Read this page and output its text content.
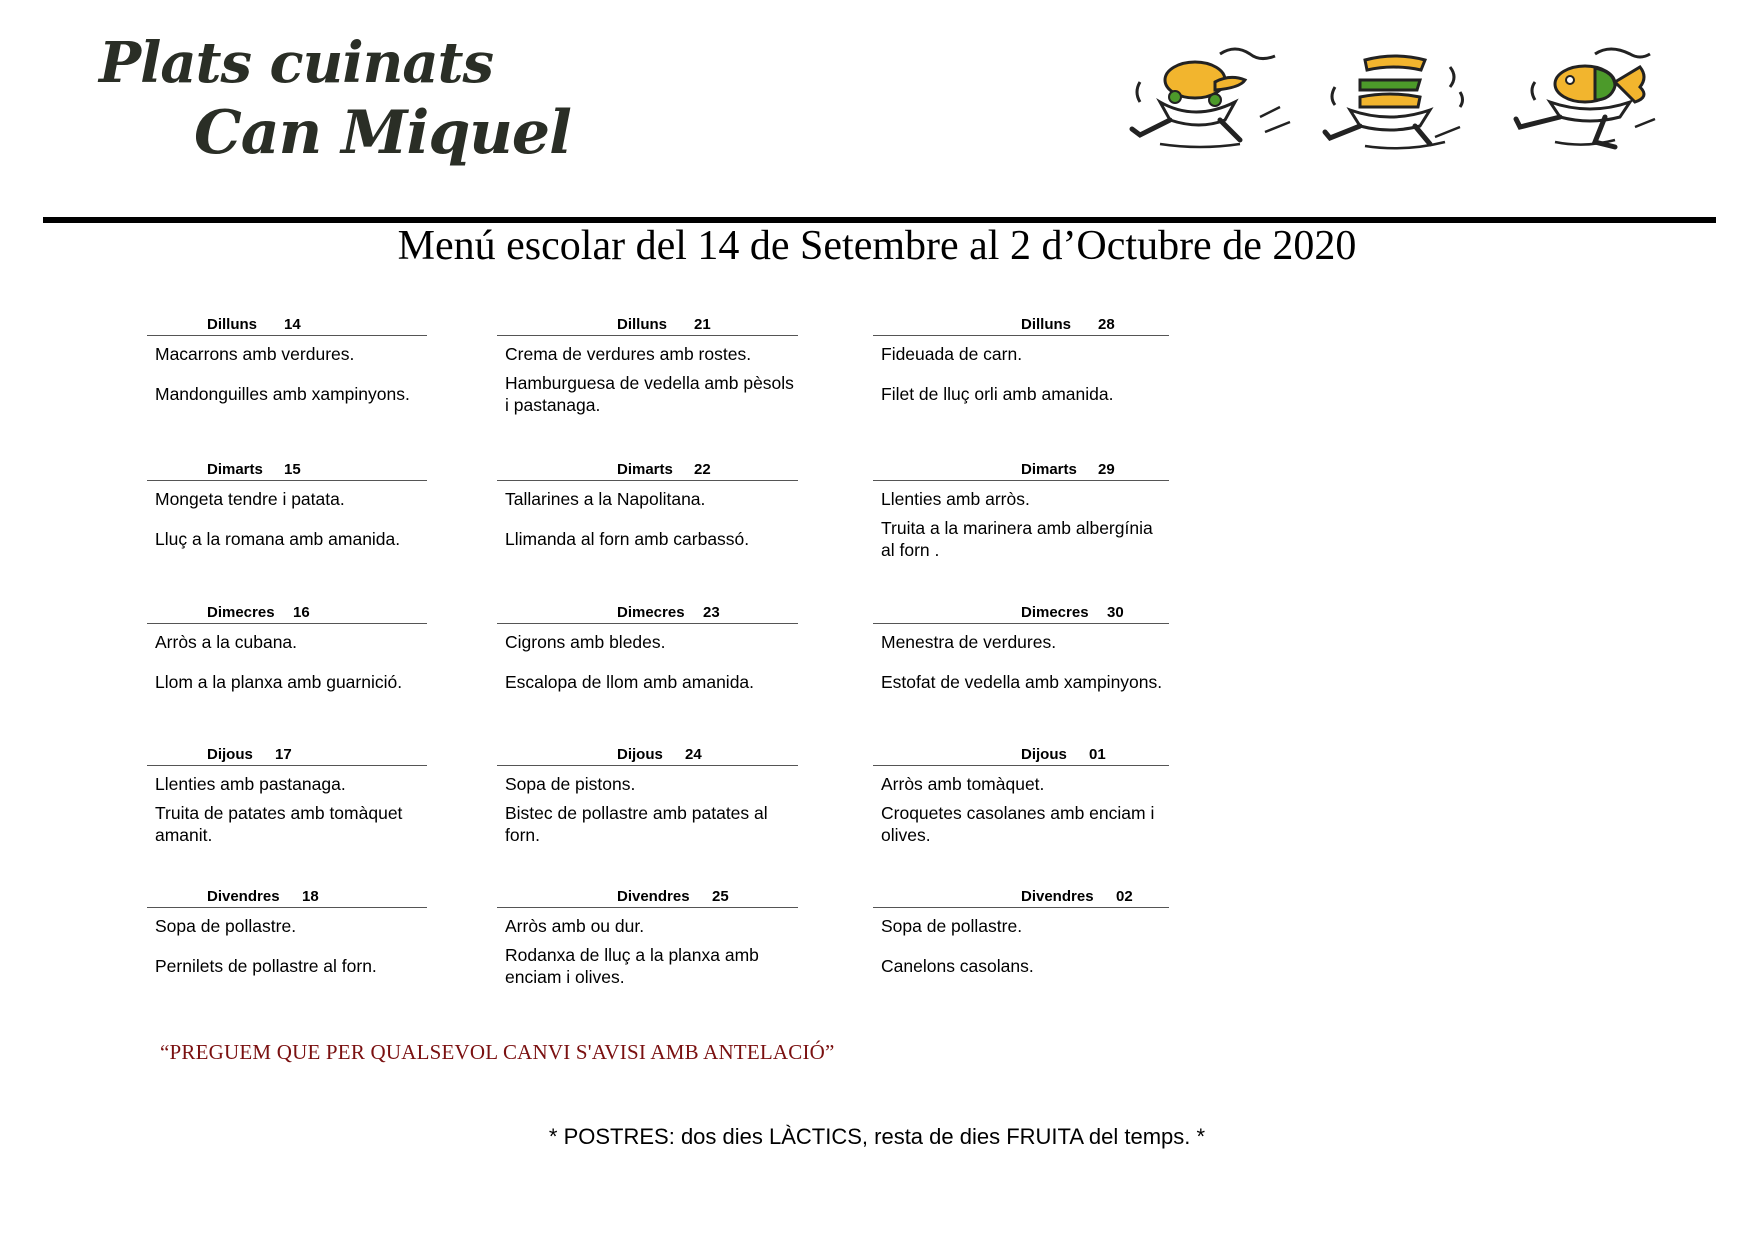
Plats cuinats
Can Miquel
Menú escolar del 14 de Setembre al 2 d’Octubre de 2020
Dilluns 14
Macarrons amb verdures.
Mandonguilles amb xampinyons.
Dimarts 15
Mongeta tendre i patata.
Lluç a la romana amb amanida.
Dimecres 16
Arròs a la cubana.
Llom a la planxa amb guarnició.
Dijous 17
Llenties amb pastanaga.
Truita de patates amb tomàquet amanit.
Divendres 18
Sopa de pollastre.
Pernilets de pollastre al forn.
Dilluns 21
Crema de verdures amb rostes.
Hamburguesa de vedella amb pèsols i pastanaga.
Dimarts 22
Tallarines a la Napolitana.
Llimanda al forn amb carbassó.
Dimecres 23
Cigrons amb bledes.
Escalopa de llom amb amanida.
Dijous 24
Sopa de pistons.
Bistec de pollastre amb patates al forn.
Divendres 25
Arròs amb ou dur.
Rodanxa de lluç a la planxa amb enciam i olives.
Dilluns 28
Fideuada de carn.
Filet de lluç orli amb amanida.
Dimarts 29
Llenties amb arròs.
Truita a la marinera amb albergínia al forn .
Dimecres 30
Menestra de verdures.
Estofat de vedella amb xampinyons.
Dijous 01
Arròs amb tomàquet.
Croquetes casolanes amb enciam i olives.
Divendres 02
Sopa de pollastre.
Canelons casolans.
“PREGUEM QUE PER QUALSEVOL CANVI S'AVISI AMB ANTELACIÓ”
* POSTRES: dos dies LÀCTICS, resta de dies FRUITA del temps. *
